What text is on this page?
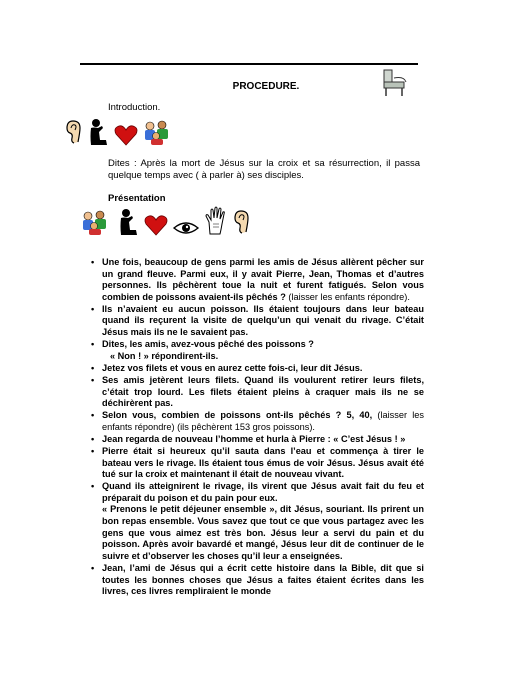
PROCEDURE.
Introduction.
Dites : Après la mort de Jésus sur la croix et sa résurrection, il passa quelque temps avec ( à parler à) ses disciples.
Présentation
• Une fois, beaucoup de gens parmi les amis de Jésus allèrent pêcher sur un grand fleuve. Parmi eux, il y avait Pierre, Jean, Thomas et d’autres personnes. Ils pêchèrent toue la nuit et furent fatigués. Selon vous combien de poissons avaient-ils pêchés ? (laisser les enfants répondre).
• Ils n’avaient eu aucun poisson. Ils étaient toujours dans leur bateau quand ils reçurent la visite de quelqu’un qui venait du rivage. C’était Jésus mais ils ne le savaient pas.
• Dites, les amis, avez-vous pêché des poissons ?
« Non ! » répondirent-ils.
• Jetez vos filets et vous en aurez cette fois-ci, leur dit Jésus.
• Ses amis jetèrent leurs filets. Quand ils voulurent retirer leurs filets, c’était trop lourd. Les filets étaient pleins à craquer mais ils ne se déchirèrent pas.
• Selon vous, combien de poissons ont-ils pêchés ? 5, 40, (laisser les enfants répondre) (ils pêchèrent 153 gros poissons).
• Jean regarda de nouveau l’homme et hurla à Pierre : « C’est Jésus ! »
• Pierre était si heureux qu’il sauta dans l’eau et commença à tirer le bateau vers le rivage. Ils étaient tous émus de voir Jésus. Jésus avait été tué sur la croix et maintenant il était de nouveau vivant.
• Quand ils atteignirent le rivage, ils virent que Jésus avait fait du feu et préparait du poison et du pain pour eux.
« Prenons le petit déjeuner ensemble », dit Jésus, souriant. Ils prirent un bon repas ensemble. Vous savez que tout ce que vous partagez avec les gens que vous aimez est très bon. Jésus leur a servi du pain et du poisson. Après avoir bavardé et mangé, Jésus leur dit de continuer de le suivre et d’observer les choses qu’il leur a enseignées.
• Jean, l’ami de Jésus qui a écrit cette histoire dans la Bible, dit que si toutes les bonnes choses que Jésus a faites étaient écrites dans les livres, ces livres rempliraient le monde
